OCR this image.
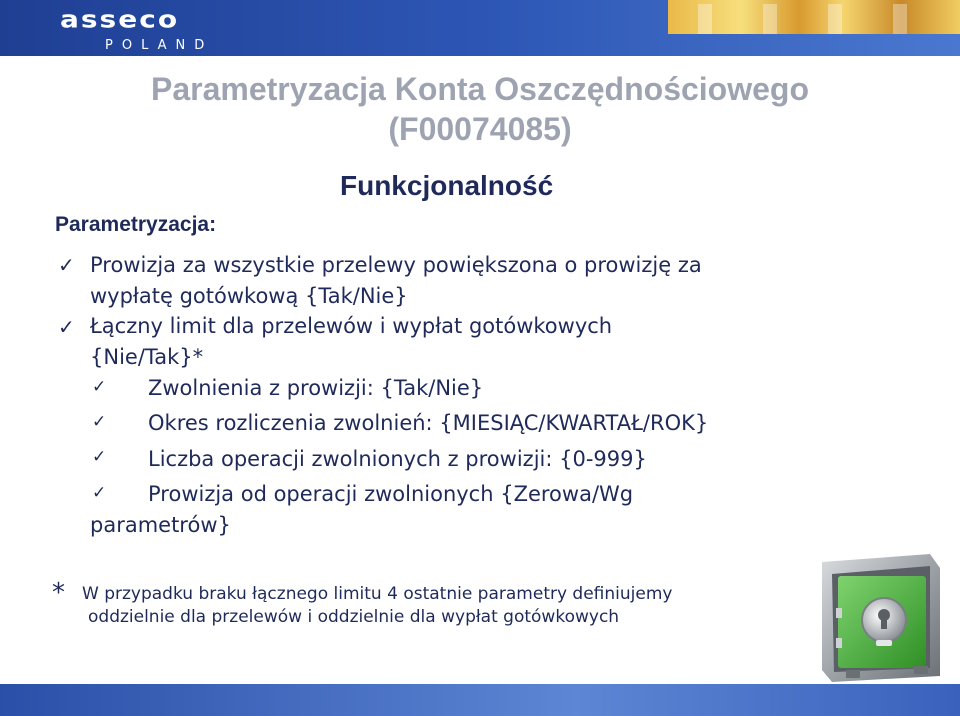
asseco
POLAND
Parametryzacja Konta Oszczędnościowego
(F00074085)
Funkcjonalność
Parametryzacja:
✓ Prowizja za wszystkie przelewy powiększona o prowizję za
wypłatę gotówkową {Tak/Nie}
✓ Łączny limit dla przelewów i wypłat gotówkowych
{Nie/Tak}*
✓ Zwolnienia z prowizji: {Tak/Nie}
✓ Okres rozliczenia zwolnień: {MIESIĄC/KWARTAŁ/ROK}
✓ Liczba operacji zwolnionych z prowizji: {0-999}
✓	Prowizja od operacji zwolnionych {Zerowa/Wg
parametrów}
* W przypadku braku łącznego limitu 4 ostatnie parametry definiujemy
oddzielnie dla przelewów i oddzielnie dla wypłat gotówkowych
